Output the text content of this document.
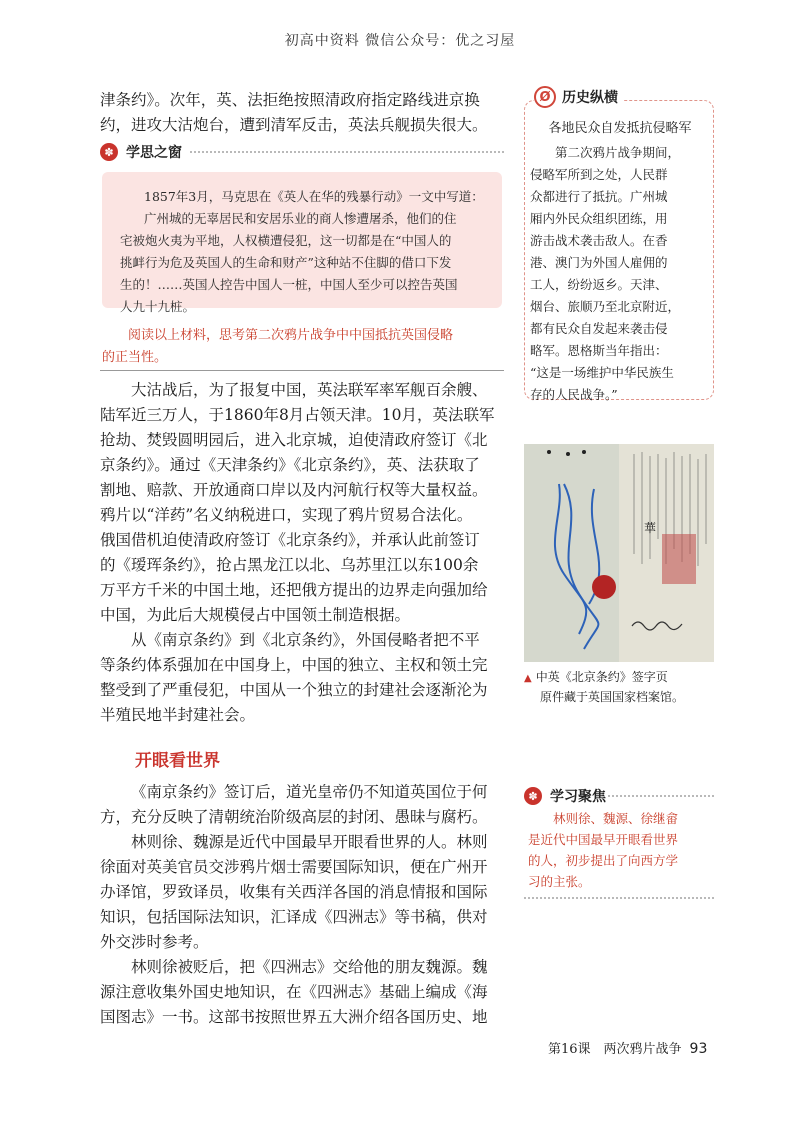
初高中资料 微信公众号：优之习屋

津条约》。次年，英、法拒绝按照清政府指定路线进京换

约，进攻大沽炮台，遭到清军反击，英法兵舰损失很大。

✽ 学思之窗

1857年3月，马克思在《英人在华的残暴行动》一文中写道：

广州城的无辜居民和安居乐业的商人惨遭屠杀，他们的住

宅被炮火夷为平地，人权横遭侵犯，这一切都是在“中国人的

挑衅行为危及英国人的生命和财产”这种站不住脚的借口下发

生的！……英国人控告中国人一桩，中国人至少可以控告英国

人九十九桩。

阅读以上材料，思考第二次鸦片战争中中国抵抗英国侵略
的正当性。

大沽战后，为了报复中国，英法联军率军舰百余艘、

陆军近三万人，于1860年8月占领天津。10月，英法联军

抢劫、焚毁圆明园后，进入北京城，迫使清政府签订《北

京条约》。通过《天津条约》《北京条约》，英、法获取了

割地、赔款、开放通商口岸以及内河航行权等大量权益。

鸦片以“洋药”名义纳税进口，实现了鸦片贸易合法化。

俄国借机迫使清政府签订《北京条约》，并承认此前签订

的《瑷珲条约》，抢占黑龙江以北、乌苏里江以东100余

万平方千米的中国土地，还把俄方提出的边界走向强加给

中国，为此后大规模侵占中国领土制造根据。

从《南京条约》到《北京条约》，外国侵略者把不平

等条约体系强加在中国身上，中国的独立、主权和领土完

整受到了严重侵犯，中国从一个独立的封建社会逐渐沦为

半殖民地半封建社会。

开眼看世界

《南京条约》签订后，道光皇帝仍不知道英国位于何

方，充分反映了清朝统治阶级高层的封闭、愚昧与腐朽。

林则徐、魏源是近代中国最早开眼看世界的人。林则

徐面对英美官员交涉鸦片烟士需要国际知识，便在广州开

办译馆，罗致译员，收集有关西洋各国的消息情报和国际

知识，包括国际法知识，汇译成《四洲志》等书稿，供对

外交涉时参考。

林则徐被贬后，把《四洲志》交给他的朋友魏源。魏

源注意收集外国史地知识，在《四洲志》基础上编成《海

国图志》一书。这部书按照世界五大洲介绍各国历史、地

Ø 历史纵横
各地民众自发抵抗侵略军

第二次鸦片战争期间，

侵略军所到之处，人民群

众都进行了抵抗。广州城

厢内外民众组织团练，用

游击战术袭击敌人。在香

港、澳门为外国人雇佣的

工人，纷纷返乡。天津、

烟台、旅顺乃至北京附近，

都有民众自发起来袭击侵

略军。恩格斯当年指出：

“这是一场维护中华民族生

存的人民战争。”

華
▲ 中英《北京条约》签字页
原件藏于英国国家档案馆。
✽ 学习聚焦
林则徐、魏源、徐继畲
是近代中国最早开眼看世界
的人，初步提出了向西方学
习的主张。
第16课　两次鸦片战争 93
